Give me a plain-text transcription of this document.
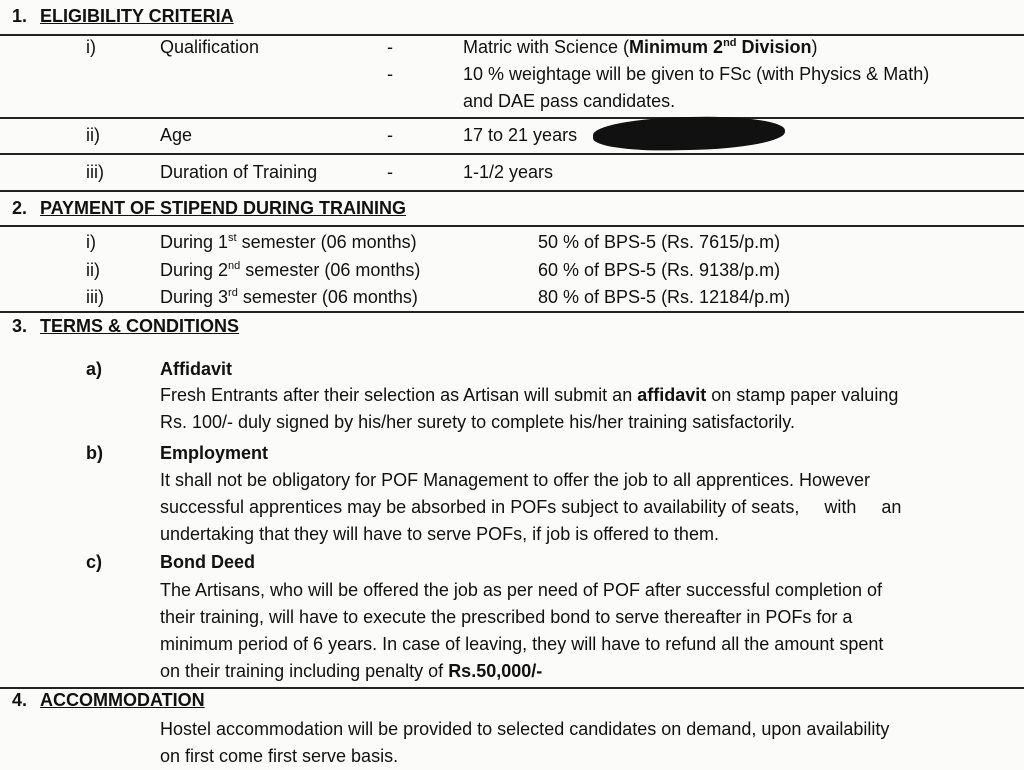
1. ELIGIBILITY CRITERIA
i)	Qualification	-	Matric with Science (Minimum 2nd Division)
-	10 % weightage will be given to FSc (with Physics & Math)
and DAE pass candidates.
ii)	Age	-	17 to 21 years
iii)	Duration of Training	-	1-1/2 years
2. PAYMENT OF STIPEND DURING TRAINING
i)	During 1st semester (06 months)	50 % of BPS-5 (Rs. 7615/p.m)
ii)	During 2nd semester (06 months)	60 % of BPS-5 (Rs. 9138/p.m)
iii)	During 3rd semester (06 months)	80 % of BPS-5 (Rs. 12184/p.m)
3. TERMS & CONDITIONS
a)	Affidavit
Fresh Entrants after their selection as Artisan will submit an affidavit on stamp paper valuing
Rs. 100/- duly signed by his/her surety to complete his/her training satisfactorily.
b)	Employment
It shall not be obligatory for POF Management to offer the job to all apprentices. However
successful apprentices may be absorbed in POFs subject to availability of seats,     with     an
undertaking that they will have to serve POFs, if job is offered to them.
c)	Bond Deed
The Artisans, who will be offered the job as per need of POF after successful completion of
their training, will have to execute the prescribed bond to serve thereafter in POFs for a
minimum period of 6 years. In case of leaving, they will have to refund all the amount spent
on their training including penalty of Rs.50,000/-
4. ACCOMMODATION
Hostel accommodation will be provided to selected candidates on demand, upon availability
on first come first serve basis.
